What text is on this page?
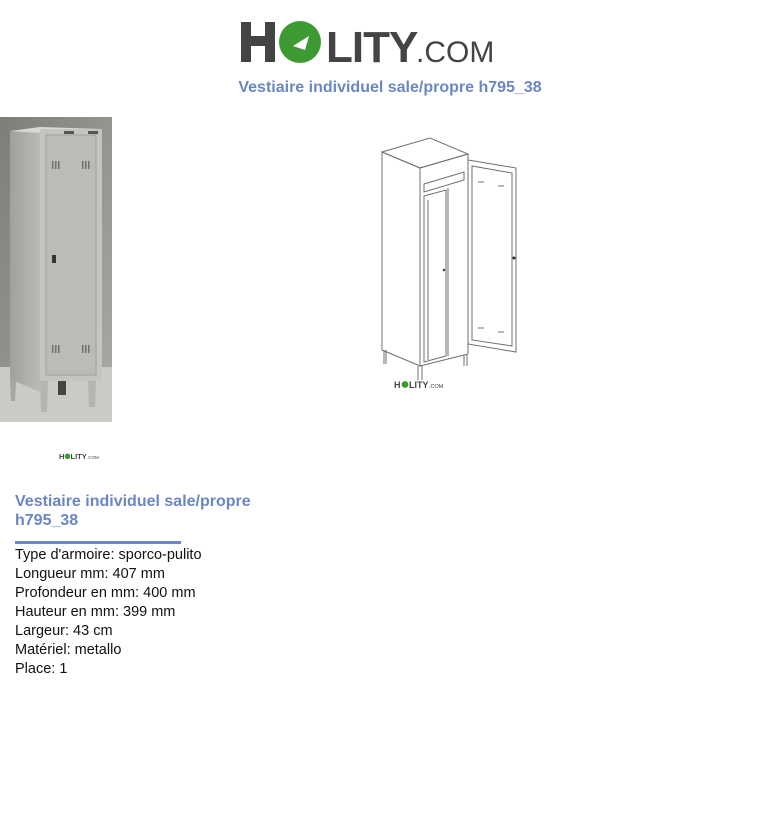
LITY
.COM
Vestiaire individuel sale/propre h795_38
H LITY .COM
H LITY .COM
Vestiaire individuel sale/propre h795_38
Type d'armoire: sporco-pulito
Longueur mm: 407 mm
Profondeur en mm: 400 mm
Hauteur en mm: 399 mm
Largeur: 43 cm
Matériel: metallo
Place: 1
